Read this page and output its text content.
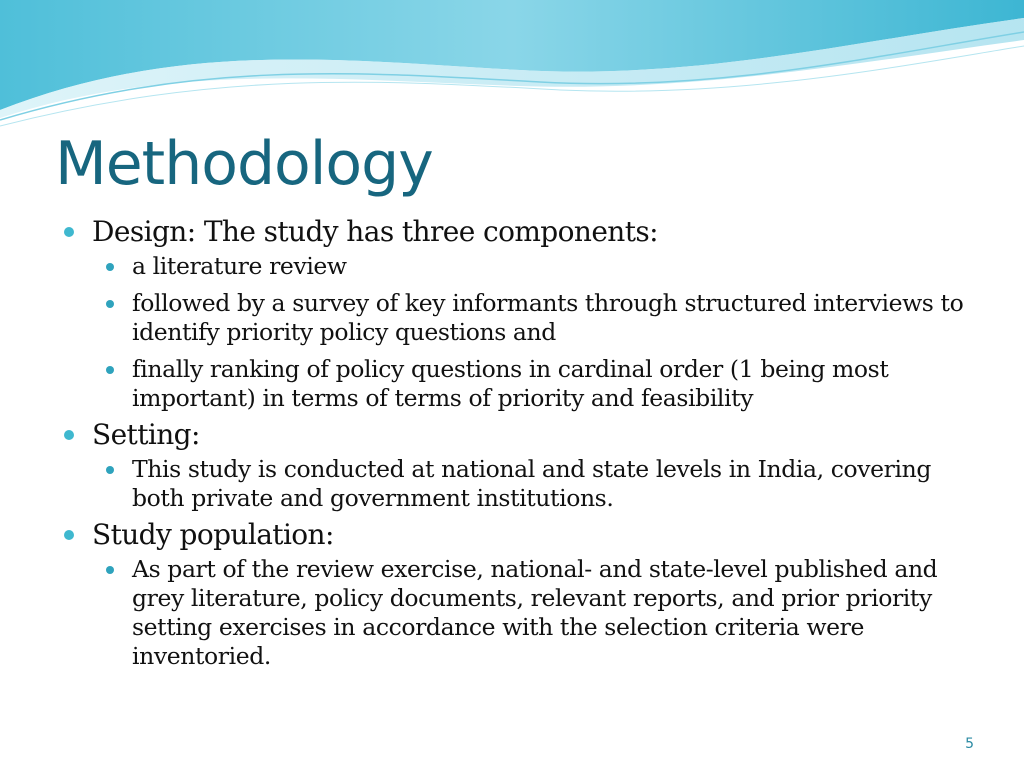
Methodology
Design: The study has three components:
a literature review
followed by a survey of key informants through structured interviews to identify priority policy questions and
finally ranking of policy questions in cardinal order (1 being most important) in terms of terms of priority and feasibility
Setting:
This study is conducted at national and state levels in India, covering both private and government institutions.
Study population:
As part of the review exercise, national- and state-level published and grey literature, policy documents, relevant reports, and prior priority setting exercises in accordance with the selection criteria were inventoried.
5
